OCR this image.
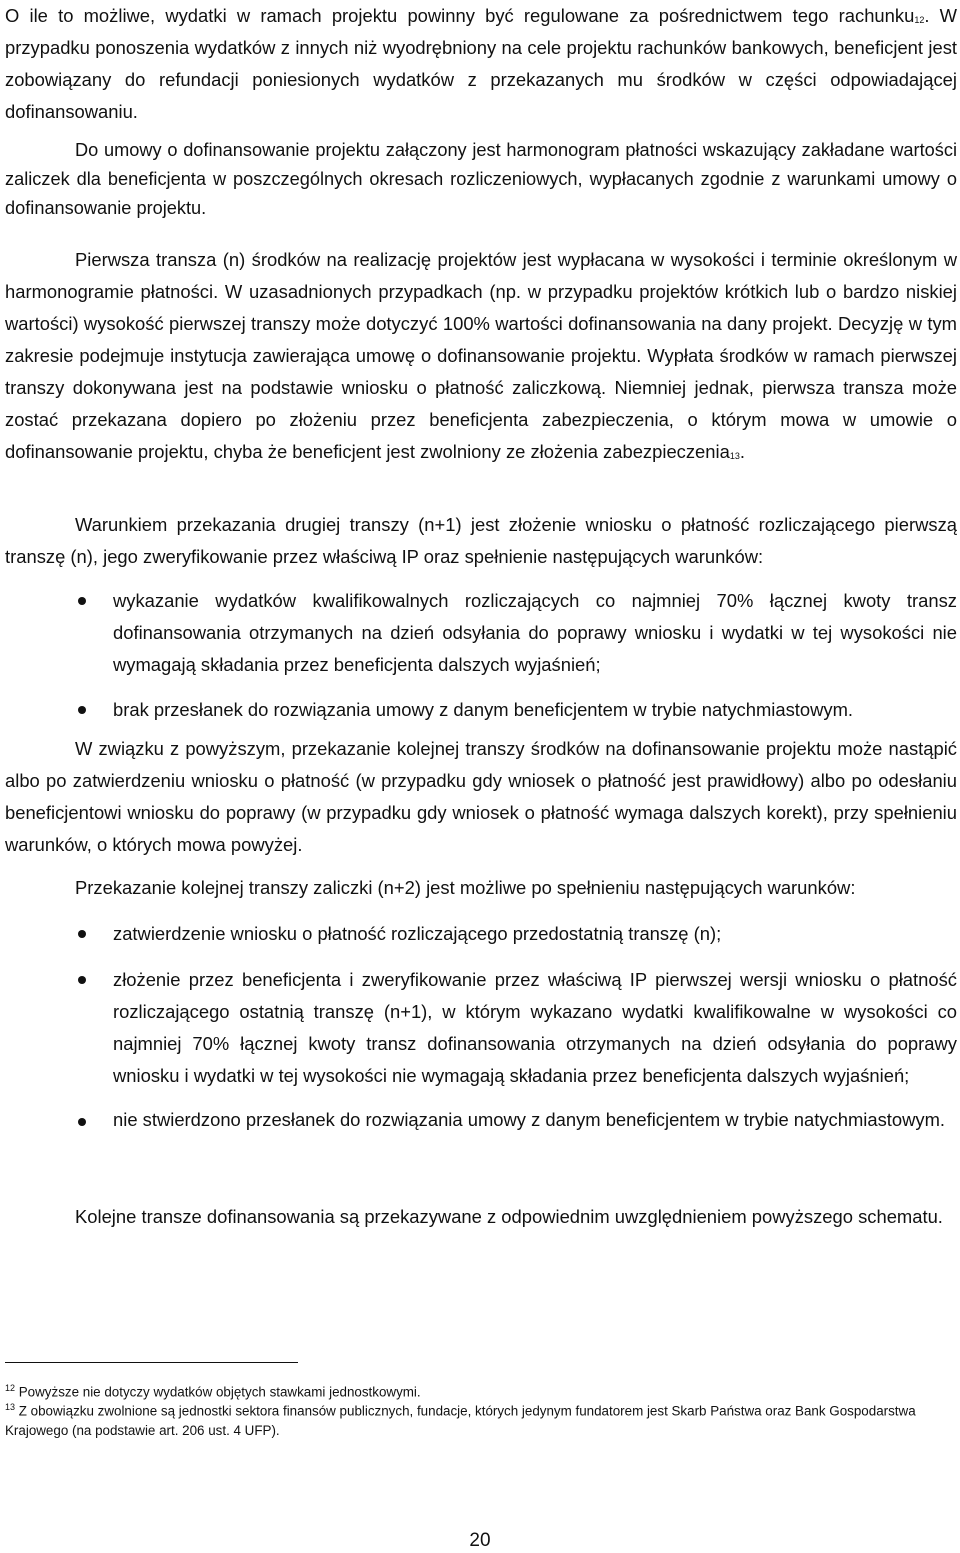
O ile to możliwe, wydatki w ramach projektu powinny być regulowane za pośrednictwem tego rachunku$^{12}$. W przypadku ponoszenia wydatków z innych niż wyodrębniony na cele projektu rachunków bankowych, beneficjent jest zobowiązany do refundacji poniesionych wydatków z przekazanych mu środków w części odpowiadającej dofinansowaniu.

Do umowy o dofinansowanie projektu załączony jest harmonogram płatności wskazujący zakładane wartości zaliczek dla beneficjenta w poszczególnych okresach rozliczeniowych, wypłacanych zgodnie z warunkami umowy o dofinansowanie projektu.

Pierwsza transza (n) środków na realizację projektów jest wypłacana w wysokości i terminie określonym w harmonogramie płatności. W uzasadnionych przypadkach (np. w przypadku projektów krótkich lub o bardzo niskiej wartości) wysokość pierwszej transzy może dotyczyć 100% wartości dofinansowania na dany projekt. Decyzję w tym zakresie podejmuje instytucja zawierająca umowę o dofinansowanie projektu. Wypłata środków w ramach pierwszej transzy dokonywana jest na podstawie wniosku o płatność zaliczkową. Niemniej jednak, pierwsza transza może zostać przekazana dopiero po złożeniu przez beneficjenta zabezpieczenia, o którym mowa w umowie o dofinansowanie projektu, chyba że beneficjent jest zwolniony ze złożenia zabezpieczenia$^{13}$.

Warunkiem przekazania drugiej transzy (n+1) jest złożenie wniosku o płatność rozliczającego pierwszą transzę (n), jego zweryfikowanie przez właściwą IP oraz spełnienie następujących warunków:

wykazanie wydatków kwalifikowalnych rozliczających co najmniej 70% łącznej kwoty transz dofinansowania otrzymanych na dzień odsyłania do poprawy wniosku i wydatki w tej wysokości nie wymagają składania przez beneficjenta dalszych wyjaśnień;
brak przesłanek do rozwiązania umowy z danym beneficjentem w trybie natychmiastowym.

W związku z powyższym, przekazanie kolejnej transzy środków na dofinansowanie projektu może nastąpić albo po zatwierdzeniu wniosku o płatność (w przypadku gdy wniosek o płatność jest prawidłowy) albo po odesłaniu beneficjentowi wniosku do poprawy (w przypadku gdy wniosek o płatność wymaga dalszych korekt), przy spełnieniu warunków, o których mowa powyżej.

Przekazanie kolejnej transzy zaliczki (n+2) jest możliwe po spełnieniu następujących warunków:

zatwierdzenie wniosku o płatność rozliczającego przedostatnią transzę (n);
złożenie przez beneficjenta i zweryfikowanie przez właściwą IP pierwszej wersji wniosku o płatność rozliczającego ostatnią transzę (n+1), w którym wykazano wydatki kwalifikowalne w wysokości co najmniej 70% łącznej kwoty transz dofinansowania otrzymanych na dzień odsyłania do poprawy wniosku i wydatki w tej wysokości nie wymagają składania przez beneficjenta dalszych wyjaśnień;
nie stwierdzono przesłanek do rozwiązania umowy z danym beneficjentem w trybie natychmiastowym.

Kolejne transze dofinansowania są przekazywane z odpowiednim uwzględnieniem powyższego schematu.

$^{12}$ Powyższe nie dotyczy wydatków objętych stawkami jednostkowymi.

$^{13}$ Z obowiązku zwolnione są jednostki sektora finansów publicznych, fundacje, których jedynym fundatorem jest Skarb Państwa oraz Bank Gospodarstwa Krajowego (na podstawie art. 206 ust. 4 UFP).

20
